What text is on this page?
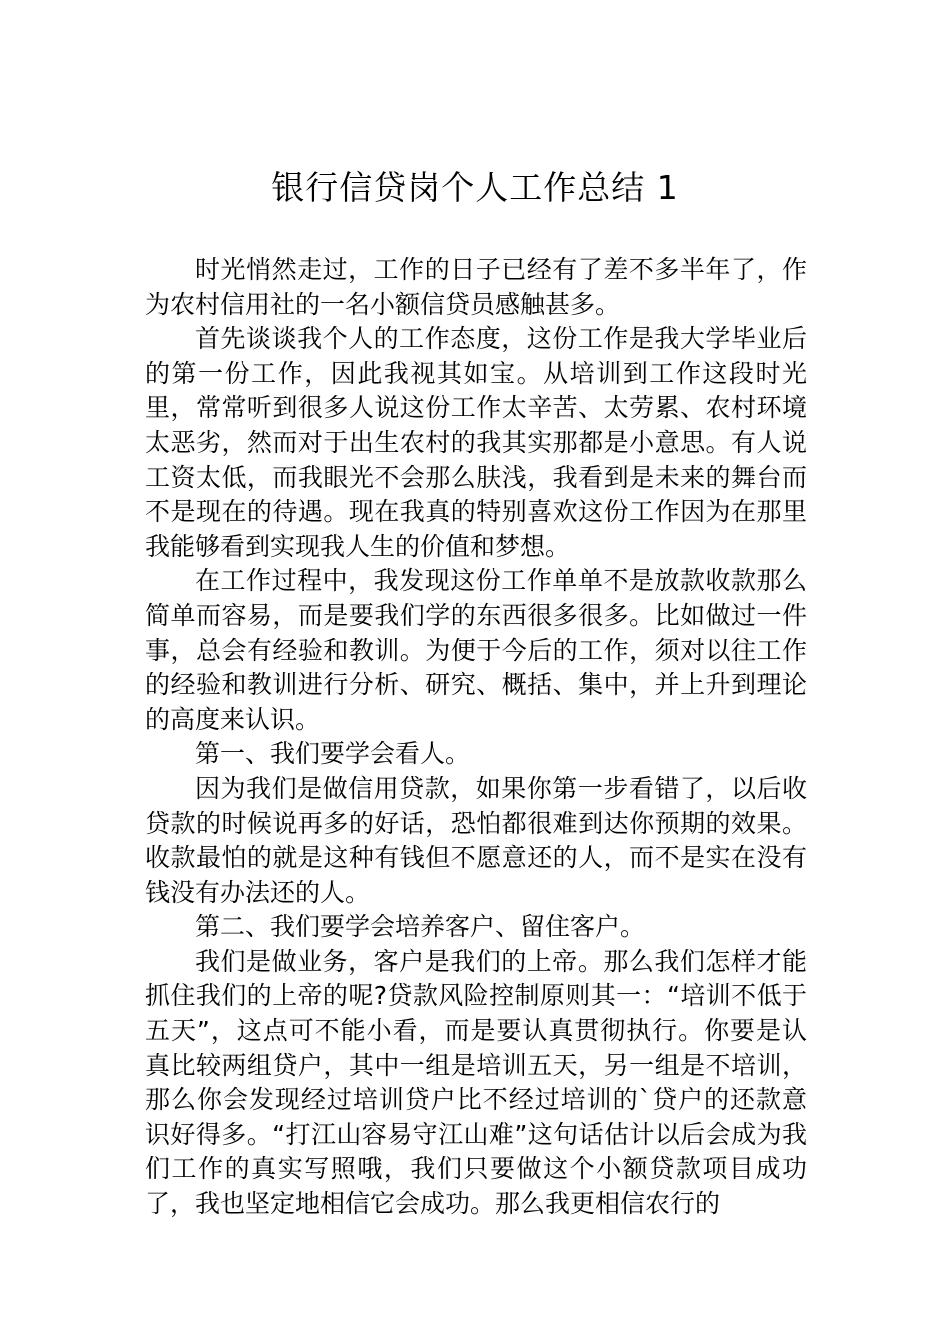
银行信贷岗个人工作总结 1

时光悄然走过，工作的日子已经有了差不多半年了，作为农村信用社的一名小额信贷员感触甚多。

首先谈谈我个人的工作态度，这份工作是我大学毕业后的第一份工作，因此我视其如宝。从培训到工作这段时光里，常常听到很多人说这份工作太辛苦、太劳累、农村环境太恶劣，然而对于出生农村的我其实那都是小意思。有人说工资太低，而我眼光不会那么肤浅，我看到是未来的舞台而不是现在的待遇。现在我真的特别喜欢这份工作因为在那里我能够看到实现我人生的价值和梦想。

在工作过程中，我发现这份工作单单不是放款收款那么简单而容易，而是要我们学的东西很多很多。比如做过一件事，总会有经验和教训。为便于今后的工作，须对以往工作的经验和教训进行分析、研究、概括、集中，并上升到理论的高度来认识。

第一、我们要学会看人。

因为我们是做信用贷款，如果你第一步看错了，以后收贷款的时候说再多的好话，恐怕都很难到达你预期的效果。收款最怕的就是这种有钱但不愿意还的人，而不是实在没有钱没有办法还的人。

第二、我们要学会培养客户、留住客户。

我们是做业务，客户是我们的上帝。那么我们怎样才能抓住我们的上帝的呢?贷款风险控制原则其一：“培训不低于五天”，这点可不能小看，而是要认真贯彻执行。你要是认真比较两组贷户，其中一组是培训五天，另一组是不培训，那么你会发现经过培训贷户比不经过培训的`贷户的还款意识好得多。“打江山容易守江山难”这句话估计以后会成为我们工作的真实写照哦，我们只要做这个小额贷款项目成功了，我也坚定地相信它会成功。那么我更相信农行的
